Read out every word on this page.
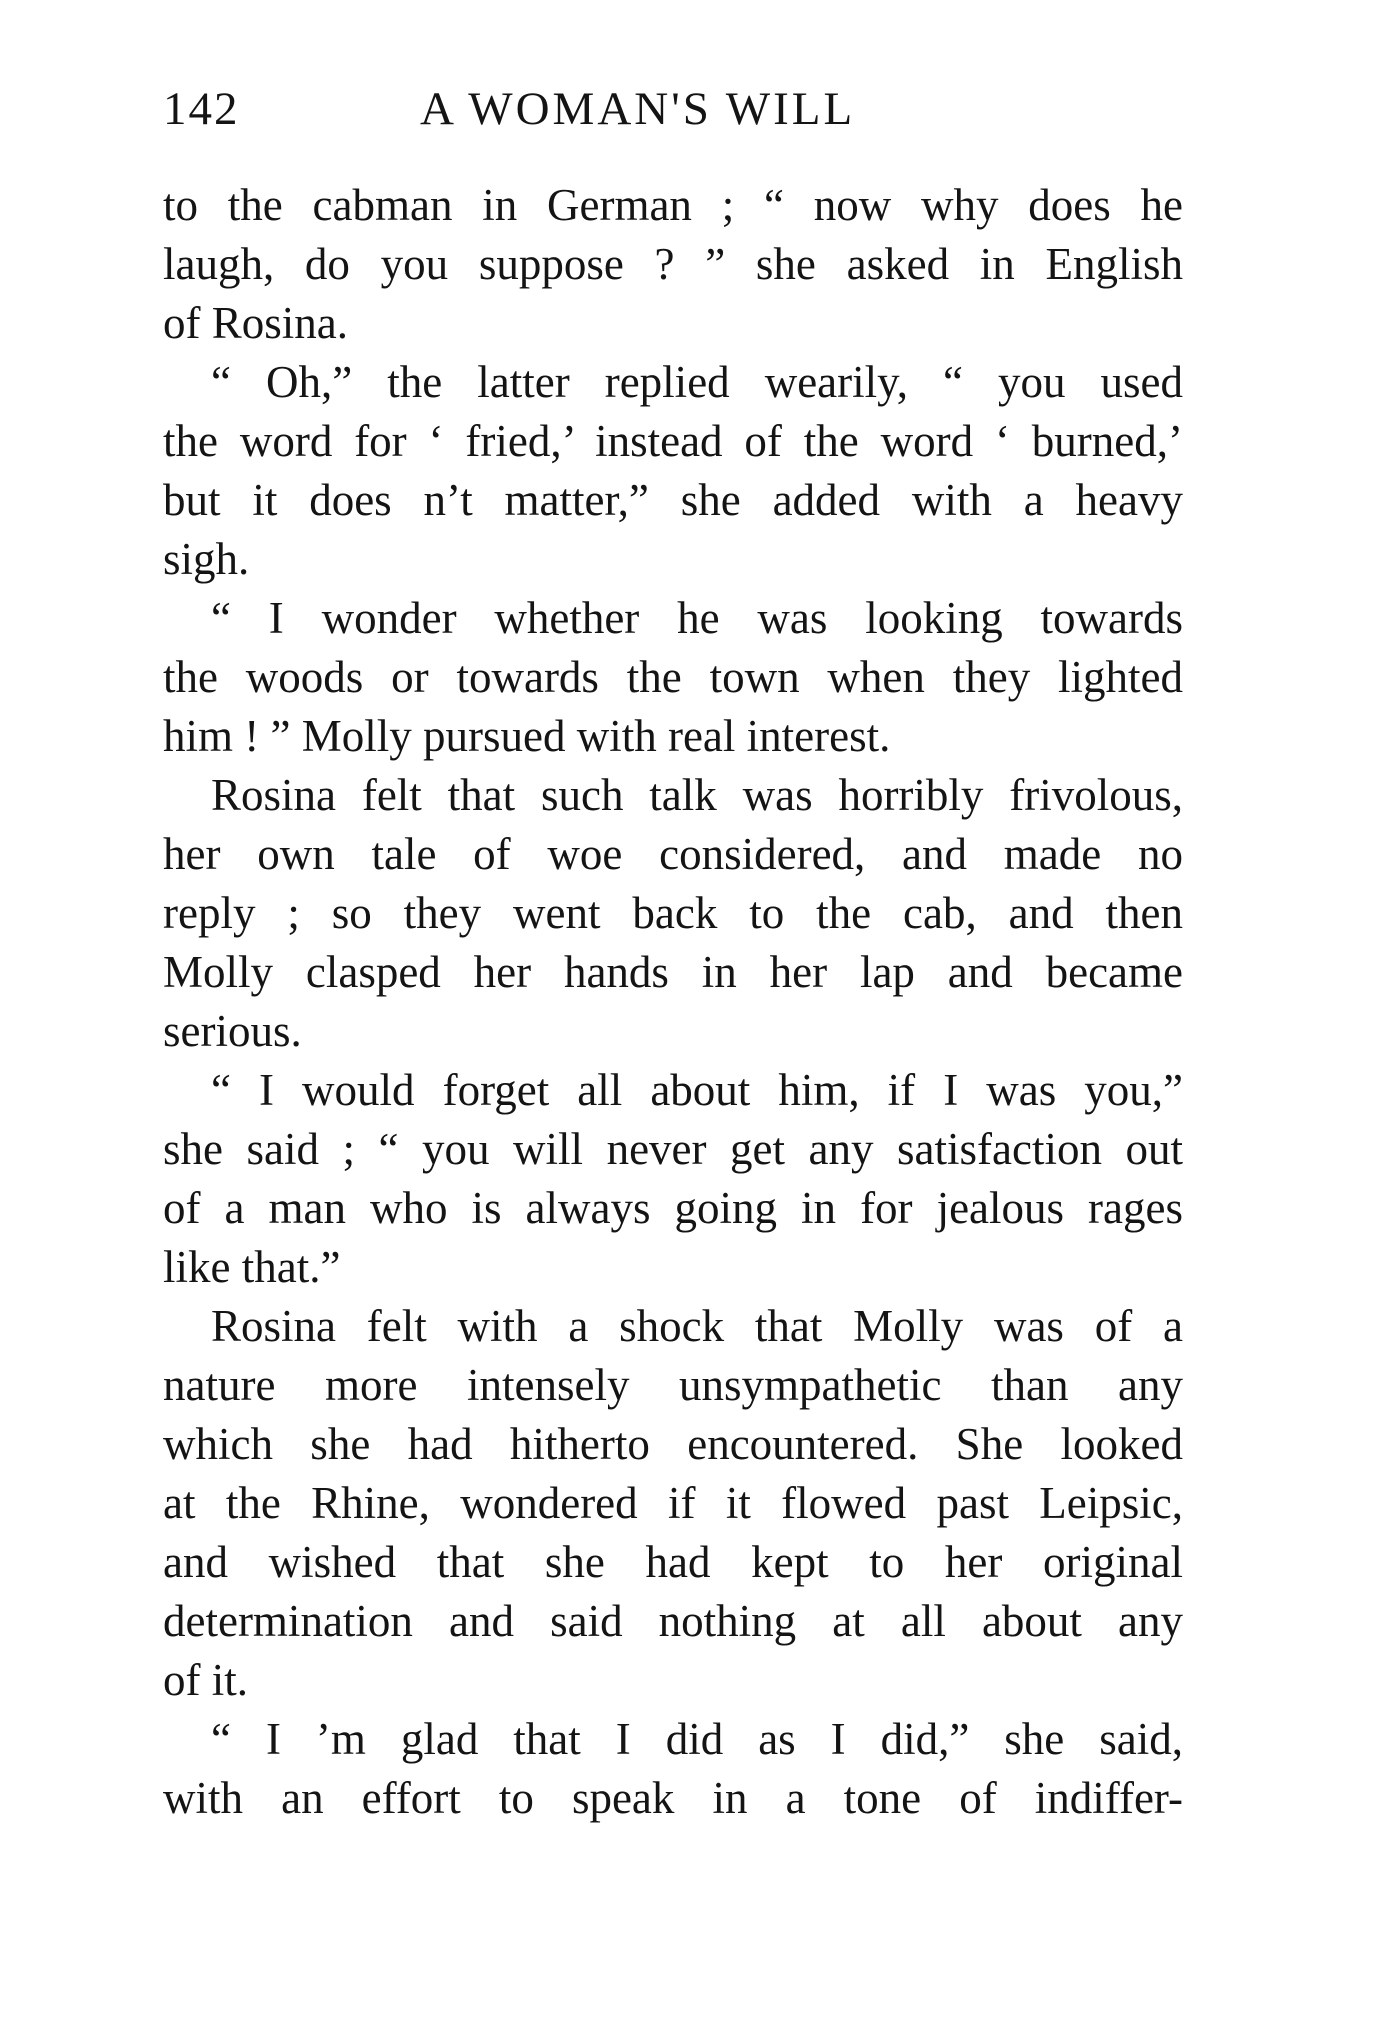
142	A WOMAN'S WILL
to the cabman in German ; “ now why does he
laugh, do you suppose ? ” she asked in English
of Rosina.
“ Oh,” the latter replied wearily, “ you used
the word for ‘ fried,’ instead of the word ‘ burned,’
but it does n’t matter,” she added with a heavy
sigh.
“ I wonder whether he was looking towards
the woods or towards the town when they lighted
him ! ” Molly pursued with real interest.
Rosina felt that such talk was horribly frivolous,
her own tale of woe considered, and made no
reply ; so they went back to the cab, and then
Molly clasped her hands in her lap and became
serious.
“ I would forget all about him, if I was you,”
she said ; “ you will never get any satisfaction out
of a man who is always going in for jealous rages
like that.”
Rosina felt with a shock that Molly was of a
nature more intensely unsympathetic than any
which she had hitherto encountered. She looked
at the Rhine, wondered if it flowed past Leipsic,
and wished that she had kept to her original
determination and said nothing at all about any
of it.
“ I ’m glad that I did as I did,” she said,
with an effort to speak in a tone of indiffer-
